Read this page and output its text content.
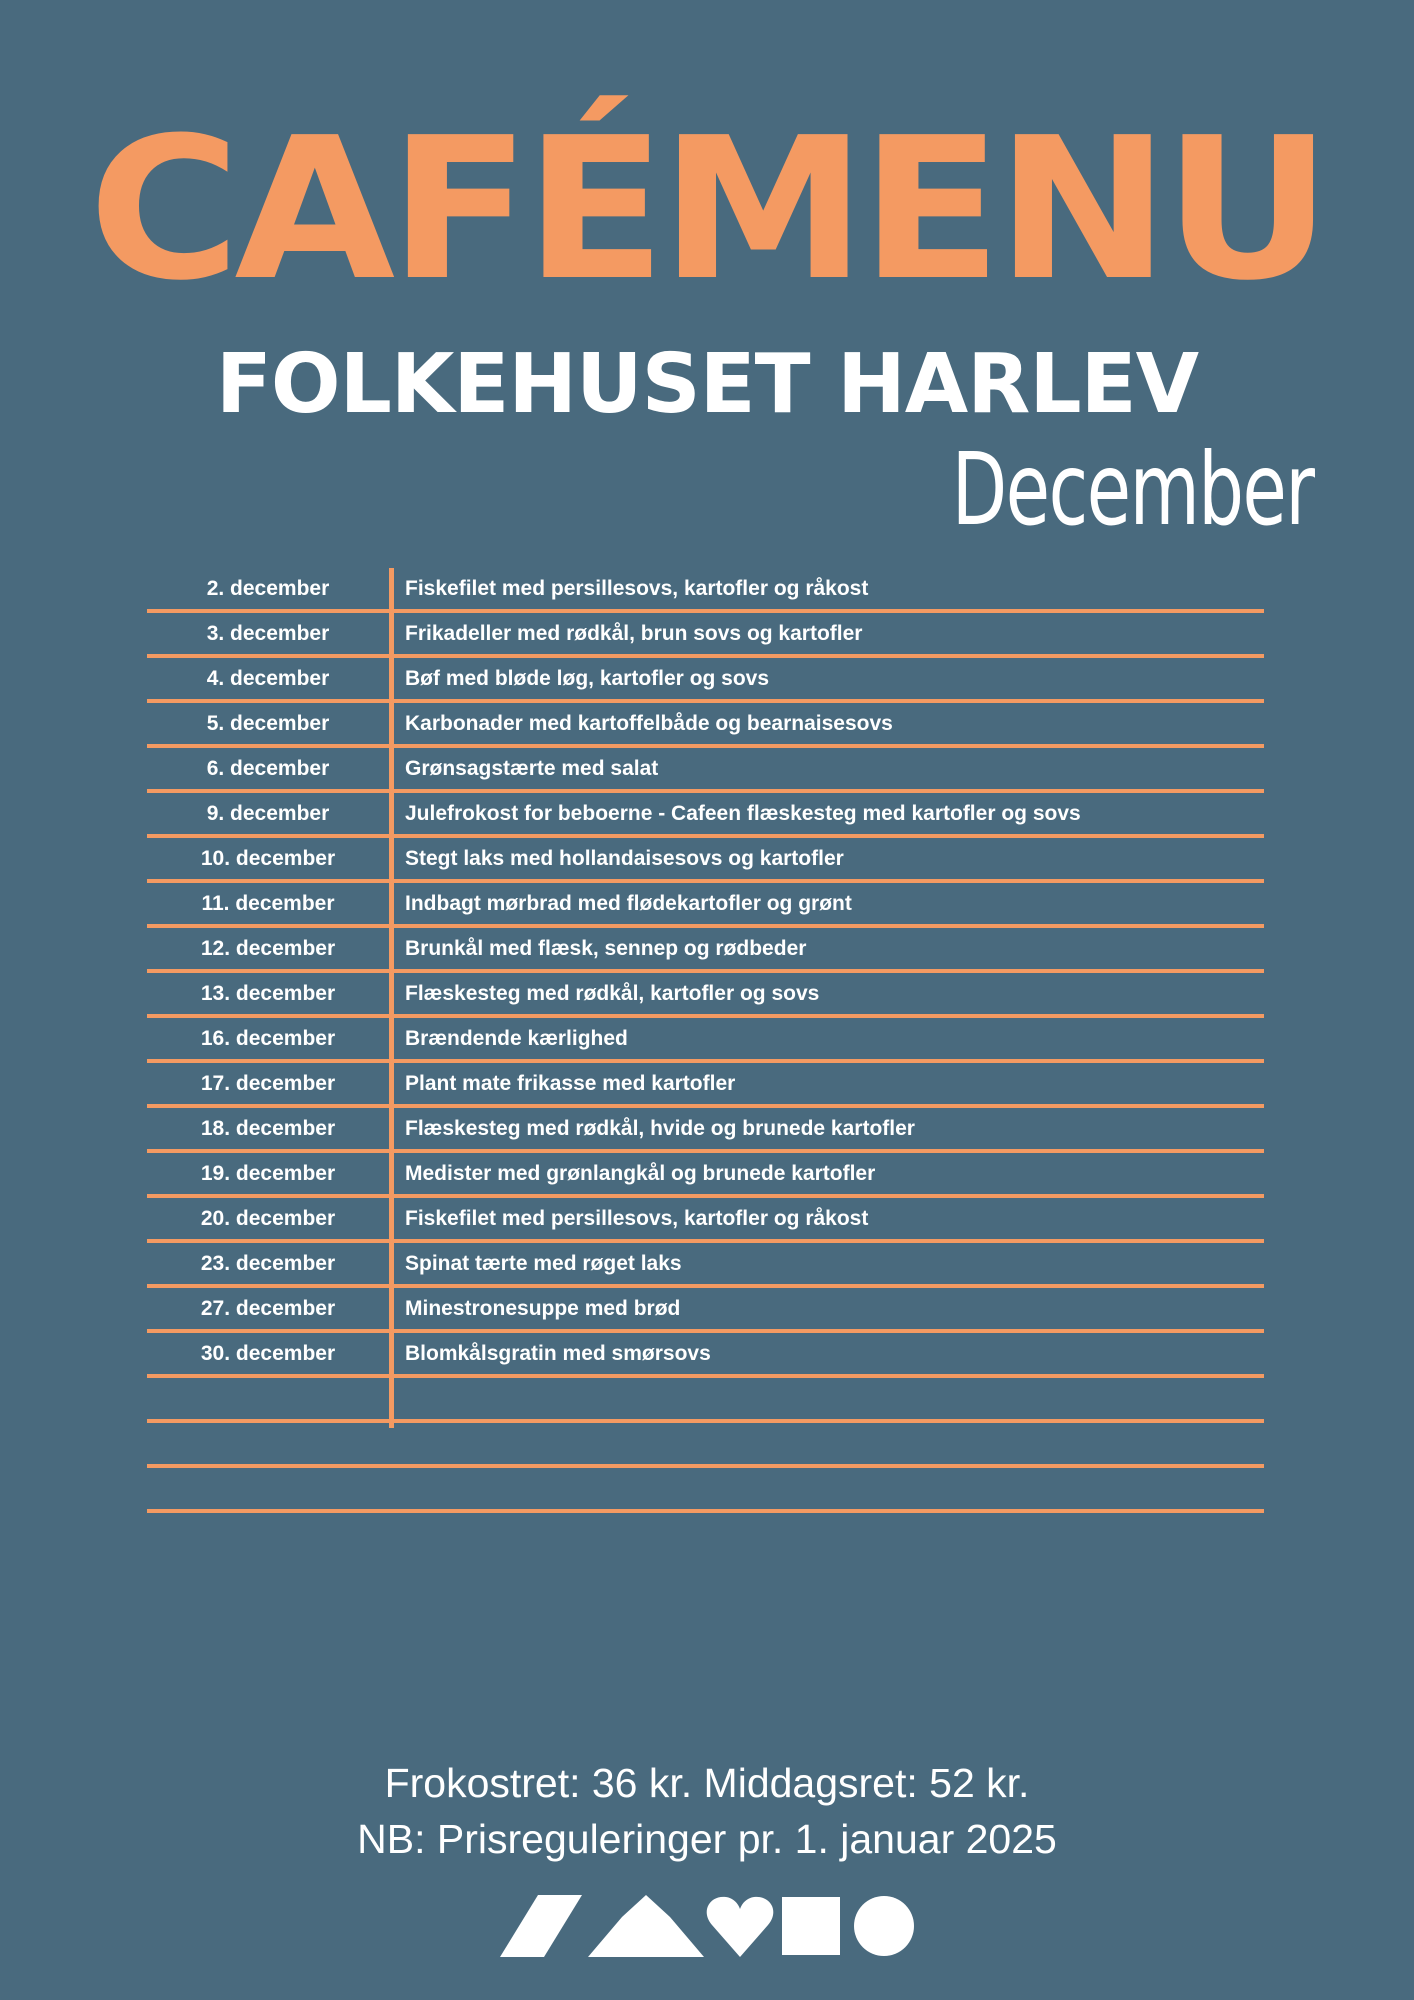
CAFÉMENU
FOLKEHUSET HARLEV
December
2. december	Fiskefilet med persillesovs, kartofler og råkost
3. december	Frikadeller med rødkål, brun sovs og kartofler
4. december	Bøf med bløde løg, kartofler og sovs
5. december	Karbonader med kartoffelbåde og bearnaisesovs
6. december	Grønsagstærte med salat
9. december	Julefrokost for beboerne - Cafeen flæskesteg med kartofler og sovs
10. december	Stegt laks med hollandaisesovs og kartofler
11. december	Indbagt mørbrad med flødekartofler og grønt
12. december	Brunkål med flæsk, sennep og rødbeder
13. december	Flæskesteg med rødkål, kartofler og sovs
16. december	Brændende kærlighed
17. december	Plant mate frikasse med kartofler
18. december	Flæskesteg med rødkål, hvide og brunede kartofler
19. december	Medister med grønlangkål og brunede kartofler
20. december	Fiskefilet med persillesovs, kartofler og råkost
23. december	Spinat tærte med røget laks
27. december	Minestronesuppe med brød
30. december	Blomkålsgratin med smørsovs
Frokostret: 36 kr. Middagsret: 52 kr.
NB: Prisreguleringer pr. 1. januar 2025
